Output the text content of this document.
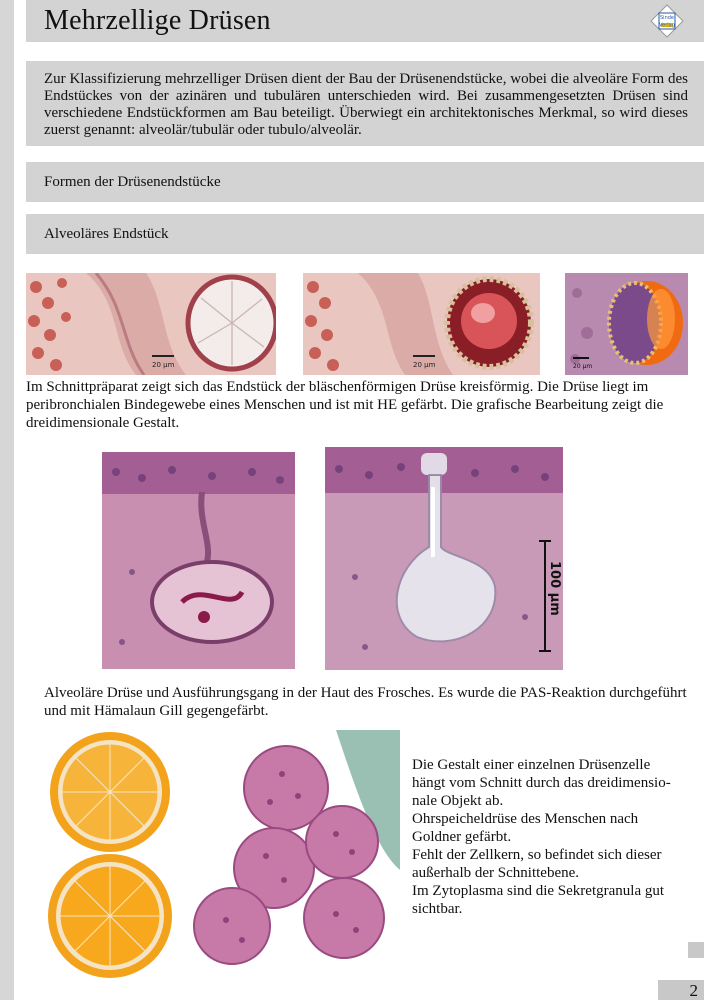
Mehrzellige Drüsen	Sinde
Verlag

Zur Klassifizierung mehrzelliger Drüsen dient der Bau der Drüsenendstücke, wobei die alveoläre Form des Endstückes von der azinären und tubulären unterschieden wird. Bei zusammengesetzten Drüsen sind verschiedene Endstückformen am Bau beteiligt. Überwiegt ein architektonisches Merkmal, so wird dieses zuerst genannt: alveolär/tubulär oder tubulo/alveolär.

Formen der Drüsenendstücke
Alveoläres Endstück
20 µm	20 µm	20 µm
Im Schnittpräparat zeigt sich das Endstück der bläschenförmigen Drüse kreisförmig. Die Drüse liegt im peribronchialen Bindegewebe eines Menschen und ist mit HE gefärbt. Die grafische Bearbeitung zeigt die dreidimensionale Gestalt.
100 µm
Alveoläre Drüse und Ausführungsgang in der Haut des Frosches. Es wurde die PAS-Reaktion durchgeführt und mit Hämalaun Gill gegengefärbt.
Die Gestalt einer einzelnen Drüsenzelle
hängt vom Schnitt durch das dreidimensio-
nale Objekt ab.
Ohrspeicheldrüse des Menschen nach
Goldner gefärbt.
Fehlt der Zellkern, so befindet sich dieser
außerhalb der Schnittebene.
Im Zytoplasma sind die Sekretgranula gut
sichtbar.
2
